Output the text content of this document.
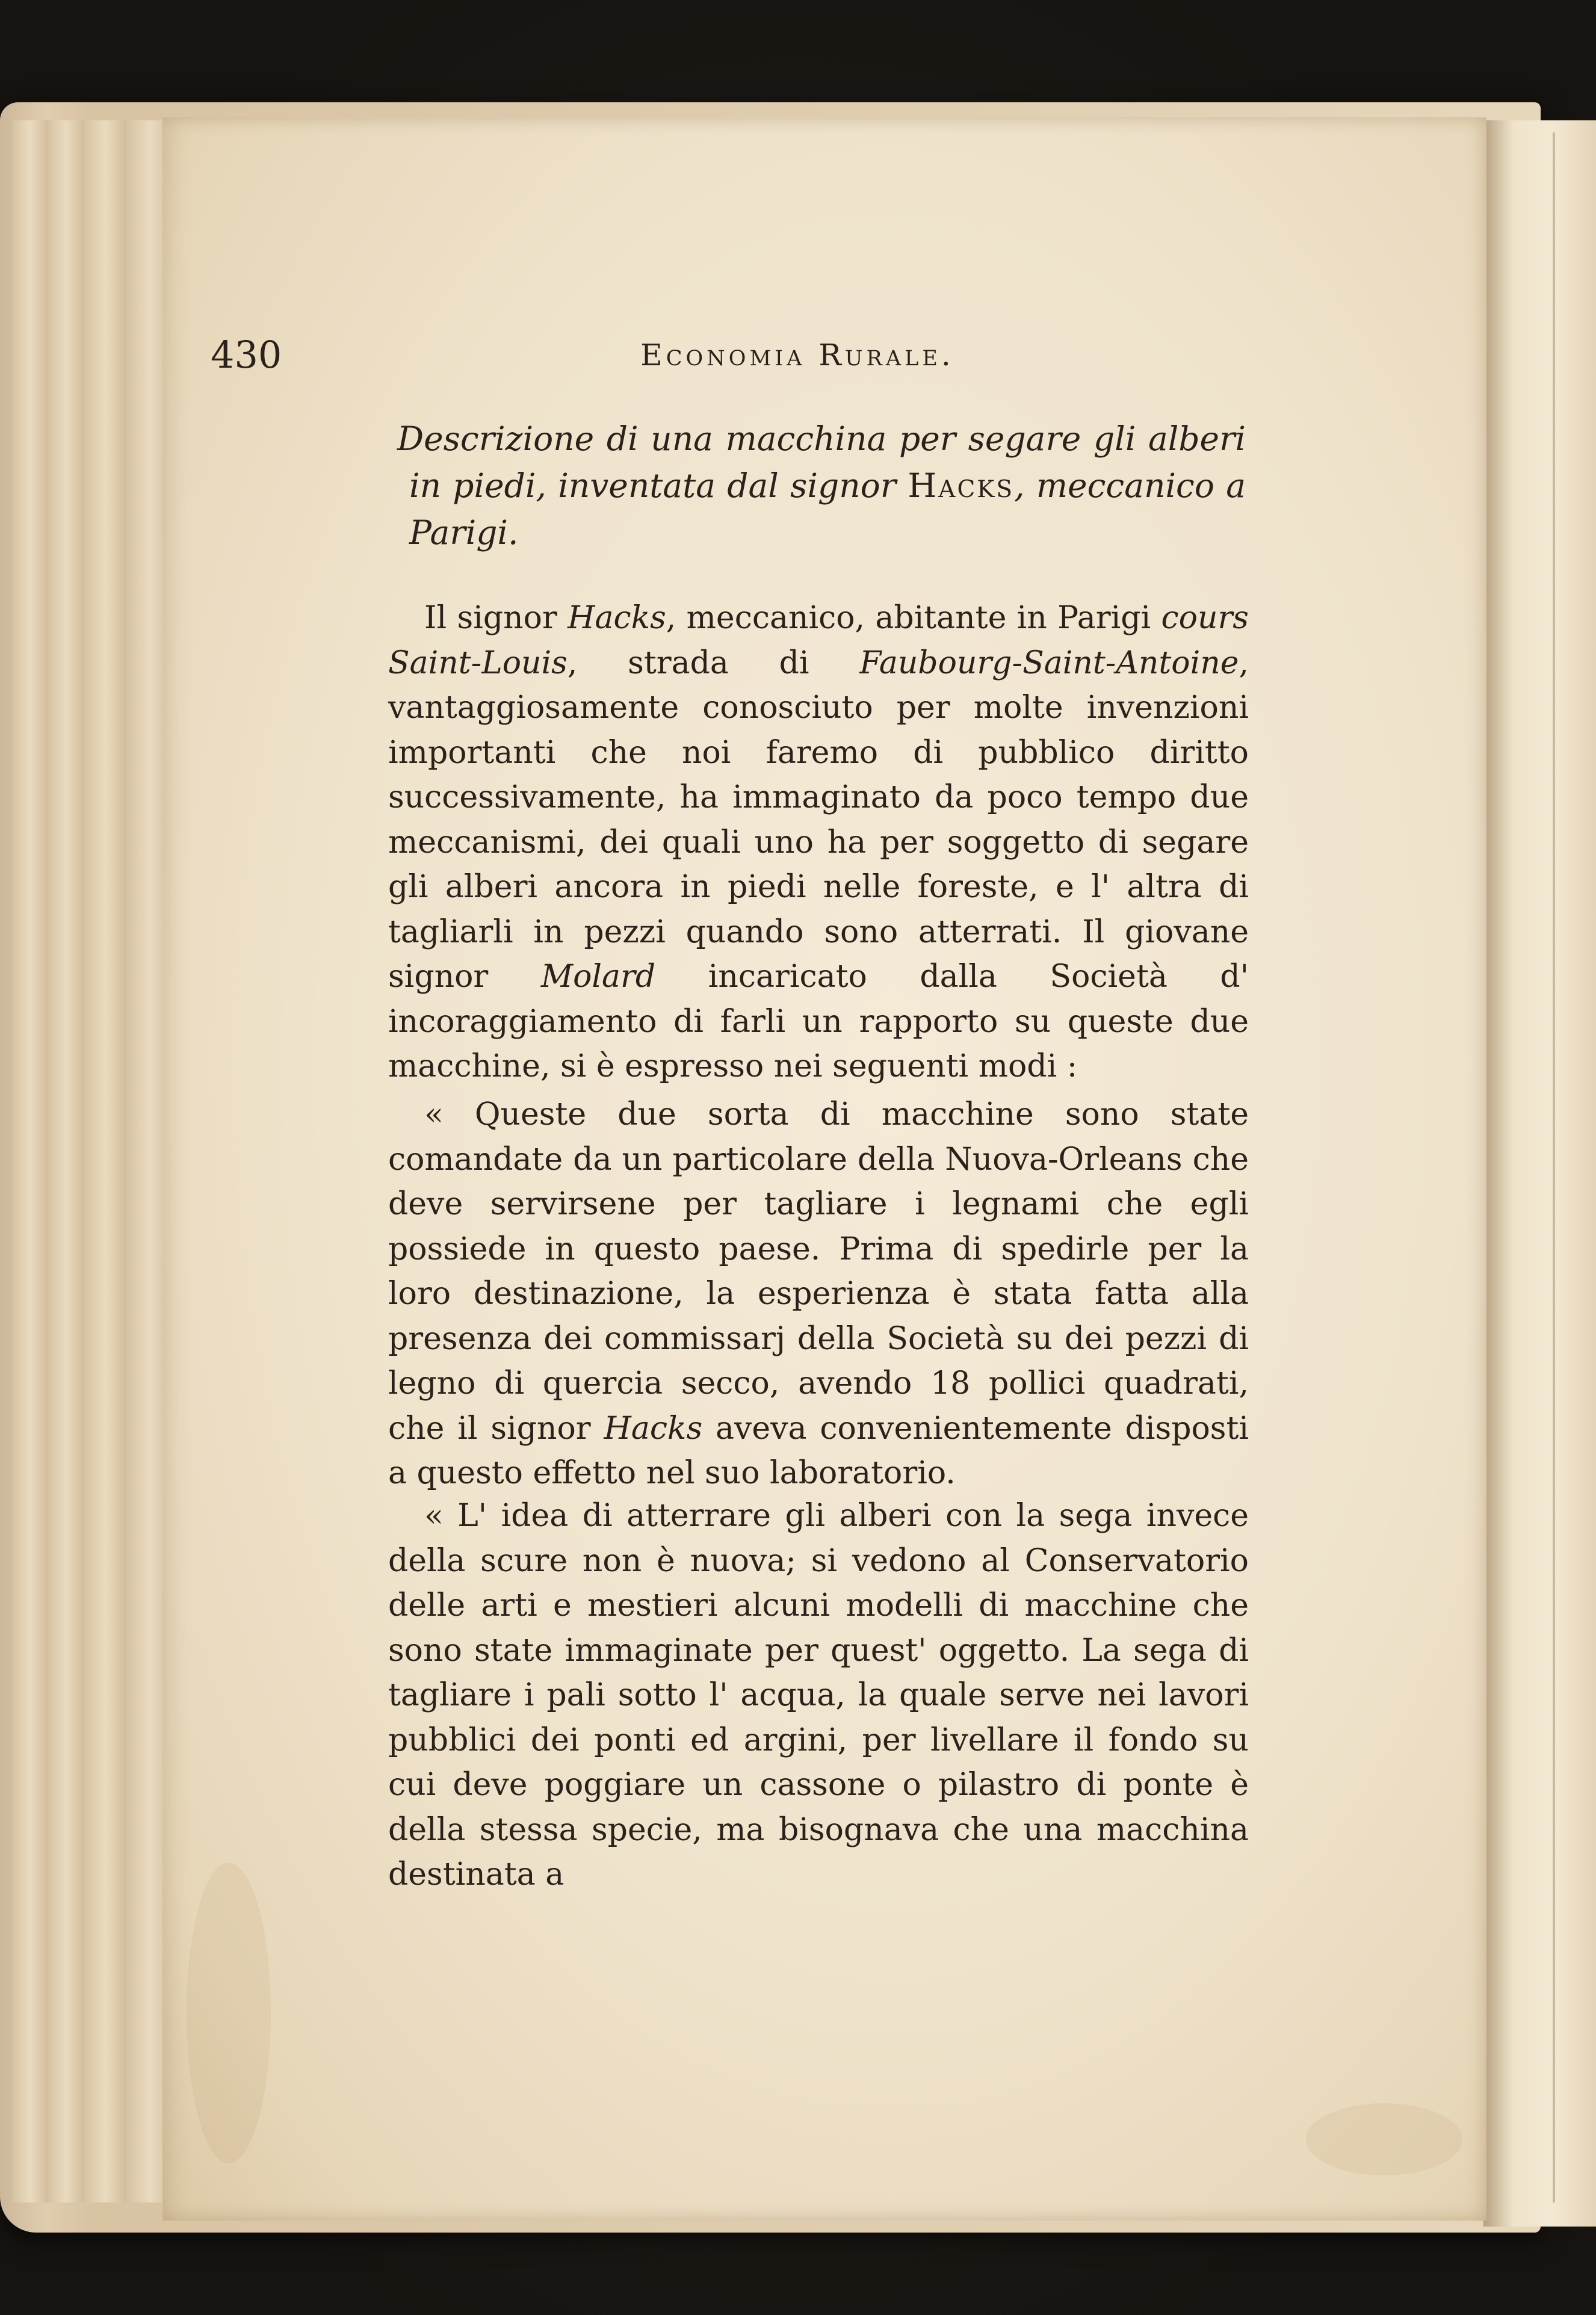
430	Economia Rurale.
Descrizione di una macchina per segare gli alberi in piedi, inventata dal signor Hacks, meccanico a Parigi.

Il signor Hacks, meccanico, abitante in Parigi cours Saint-Louis, strada di Faubourg-Saint-Antoine, vantaggiosamente conosciuto per molte invenzioni importanti che noi faremo di pubblico diritto successivamente, ha immaginato da poco tempo due meccanismi, dei quali uno ha per soggetto di segare gli alberi ancora in piedi nelle foreste, e l' altra di tagliarli in pezzi quando sono atterrati. Il giovane signor Molard incaricato dalla Società d' incoraggiamento di farli un rapporto su queste due macchine, si è espresso nei seguenti modi :

« Queste due sorta di macchine sono state comandate da un particolare della Nuova-Orleans che deve servirsene per tagliare i legnami che egli possiede in questo paese. Prima di spedirle per la loro destinazione, la esperienza è stata fatta alla presenza dei commissarj della Società su dei pezzi di legno di quercia secco, avendo 18 pollici quadrati, che il signor Hacks aveva convenientemente disposti a questo effetto nel suo laboratorio.

« L' idea di atterrare gli alberi con la sega invece della scure non è nuova; si vedono al Conservatorio delle arti e mestieri alcuni modelli di macchine che sono state immaginate per quest' oggetto. La sega di tagliare i pali sotto l' acqua, la quale serve nei lavori pubblici dei ponti ed argini, per livellare il fondo su cui deve poggiare un cassone o pilastro di ponte è della stessa specie, ma bisognava che una macchina destinata a
